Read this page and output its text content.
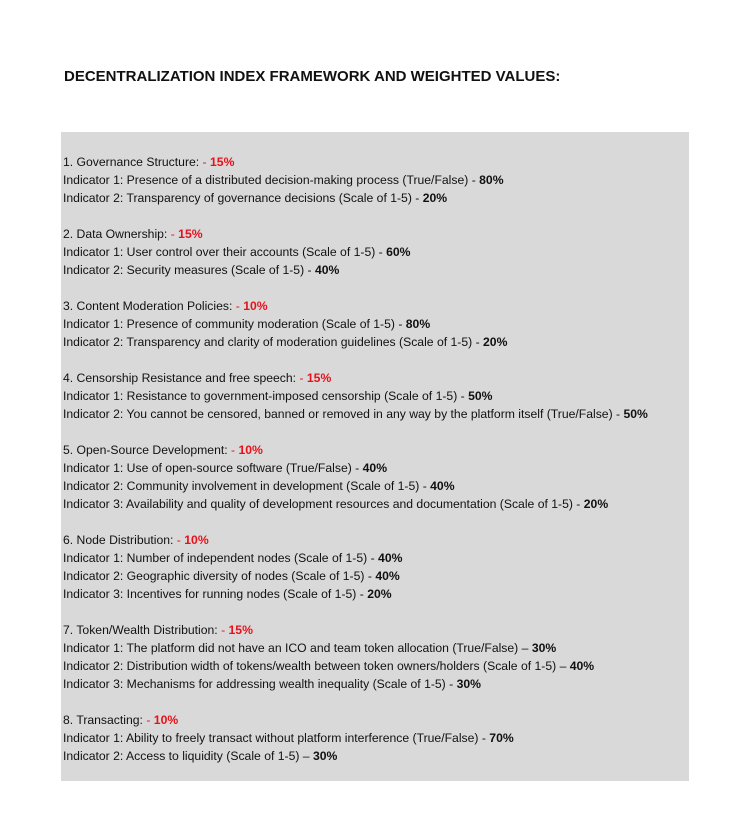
DECENTRALIZATION INDEX FRAMEWORK AND WEIGHTED VALUES:
1. Governance Structure: - 15%
Indicator 1: Presence of a distributed decision-making process (True/False) - 80%
Indicator 2: Transparency of governance decisions (Scale of 1-5) - 20%
2. Data Ownership: - 15%
Indicator 1: User control over their accounts (Scale of 1-5) - 60%
Indicator 2: Security measures (Scale of 1-5) - 40%
3. Content Moderation Policies: - 10%
Indicator 1: Presence of community moderation (Scale of 1-5) - 80%
Indicator 2: Transparency and clarity of moderation guidelines (Scale of 1-5) - 20%
4. Censorship Resistance and free speech: - 15%
Indicator 1: Resistance to government-imposed censorship (Scale of 1-5) - 50%
Indicator 2: You cannot be censored, banned or removed in any way by the platform itself (True/False) - 50%
5. Open-Source Development: - 10%
Indicator 1: Use of open-source software (True/False) - 40%
Indicator 2: Community involvement in development (Scale of 1-5) - 40%
Indicator 3: Availability and quality of development resources and documentation (Scale of 1-5) - 20%
6. Node Distribution: - 10%
Indicator 1: Number of independent nodes (Scale of 1-5) - 40%
Indicator 2: Geographic diversity of nodes (Scale of 1-5) - 40%
Indicator 3: Incentives for running nodes (Scale of 1-5) - 20%
7. Token/Wealth Distribution: - 15%
Indicator 1: The platform did not have an ICO and team token allocation (True/False) – 30%
Indicator 2: Distribution width of tokens/wealth between token owners/holders (Scale of 1-5) – 40%
Indicator 3: Mechanisms for addressing wealth inequality (Scale of 1-5) - 30%
8. Transacting: - 10%
Indicator 1: Ability to freely transact without platform interference (True/False) - 70%
Indicator 2: Access to liquidity (Scale of 1-5) – 30%
